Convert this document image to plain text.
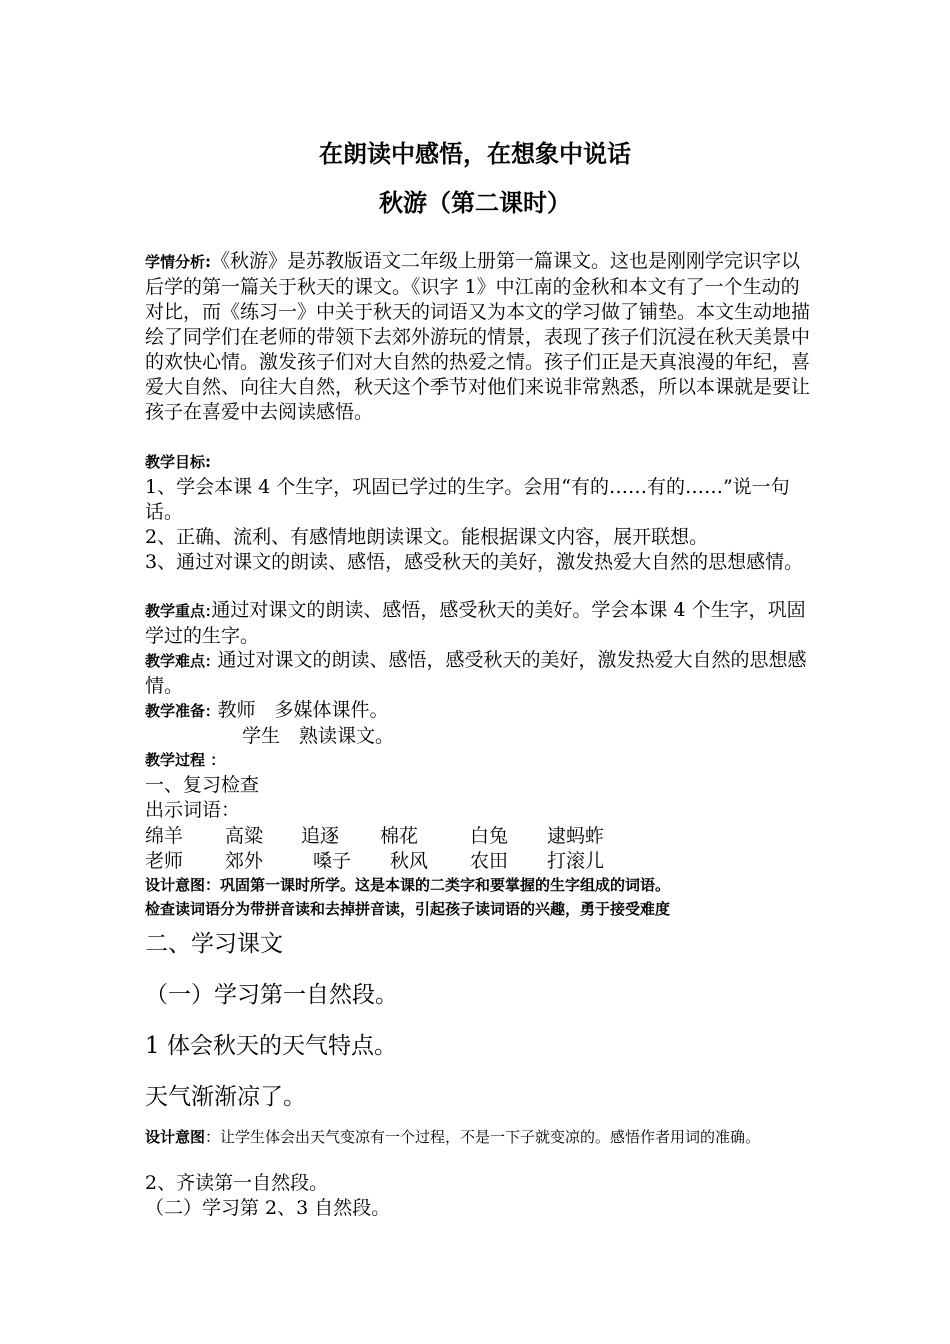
在朗读中感悟，在想象中说话
秋游（第二课时）
学情分析:《秋游》是苏教版语文二年级上册第一篇课文。这也是刚刚学完识字以后学的第一篇关于秋天的课文。《识字 1》中江南的金秋和本文有了一个生动的对比，而《练习一》中关于秋天的词语又为本文的学习做了铺垫。本文生动地描绘了同学们在老师的带领下去郊外游玩的情景，表现了孩子们沉浸在秋天美景中的欢快心情。激发孩子们对大自然的热爱之情。孩子们正是天真浪漫的年纪，喜爱大自然、向往大自然，秋天这个季节对他们来说非常熟悉，所以本课就是要让孩子在喜爱中去阅读感悟。
教学目标:
1、学会本课 4 个生字，巩固已学过的生字。会用“有的……有的……”说一句话。
2、正确、流利、有感情地朗读课文。能根据课文内容，展开联想。
3、通过对课文的朗读、感悟，感受秋天的美好，激发热爱大自然的思想感情。
教学重点:通过对课文的朗读、感悟，感受秋天的美好。学会本课 4 个生字，巩固学过的生字。
教学难点: 通过对课文的朗读、感悟，感受秋天的美好，激发热爱大自然的思想感情。
教学准备: 教师　多媒体课件。
学生　熟读课文。
教学过程 ：
一、复习检查
出示词语：
绵羊 高粱 追逐 棉花	白兔 逮蚂蚱
老师 郊外	嗓子 秋风 农田 打滚儿
设计意图：巩固第一课时所学。这是本课的二类字和要掌握的生字组成的词语。
检查读词语分为带拼音读和去掉拼音读，引起孩子读词语的兴趣，勇于接受难度
二、学习课文
（一）学习第一自然段。
1 体会秋天的天气特点。
天气渐渐凉了。
设计意图：让学生体会出天气变凉有一个过程，不是一下子就变凉的。感悟作者用词的准确。
2、齐读第一自然段。
（二）学习第 2、3 自然段。
